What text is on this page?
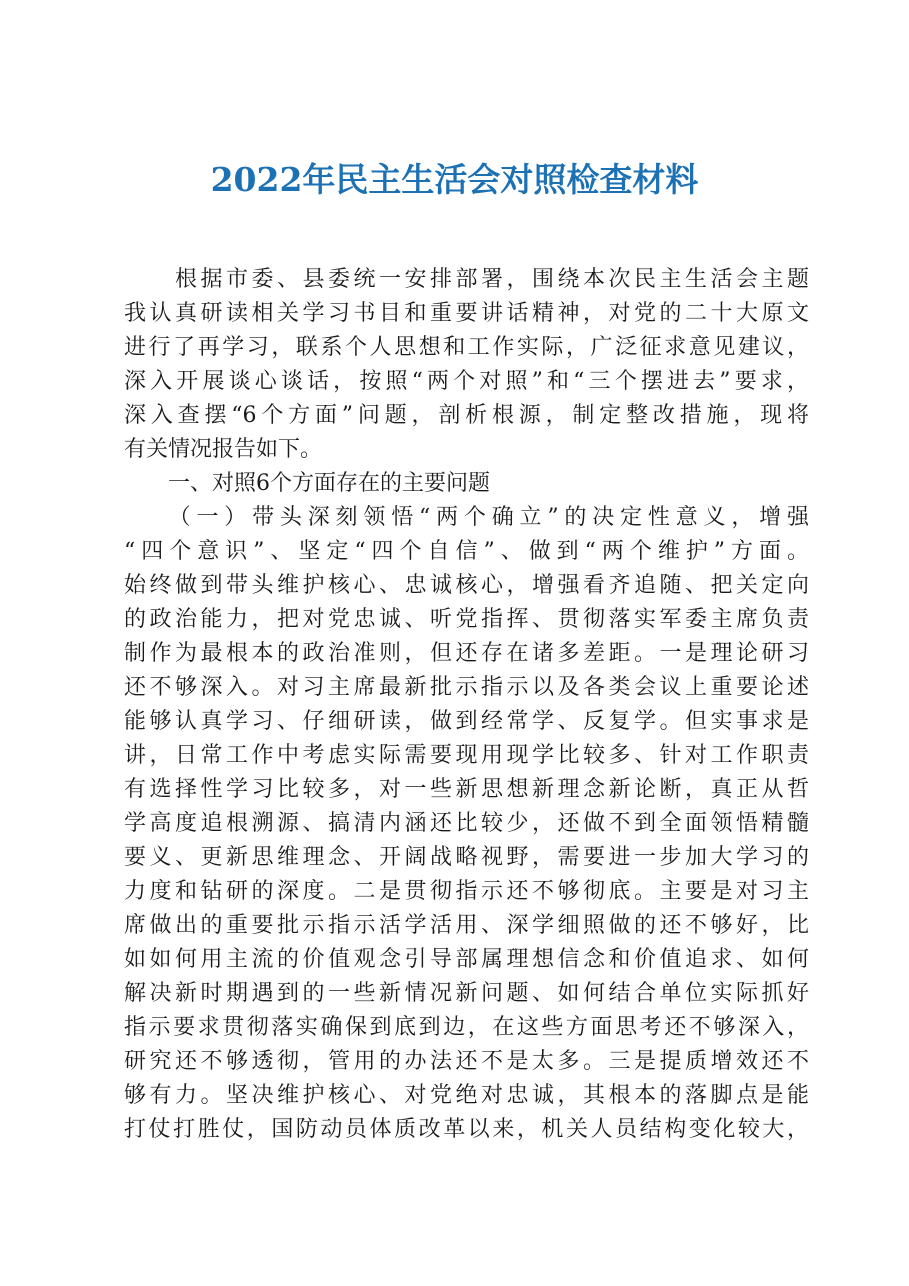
2022年民主生活会对照检查材料
　　根据市委、县委统一安排部署，围绕本次民主生活会主题
我认真研读相关学习书目和重要讲话精神，对党的二十大原文
进行了再学习，联系个人思想和工作实际，广泛征求意见建议，
深入开展谈心谈话，按照“两个对照”和“三个摆进去”要求，
深入查摆“6个方面”问题，剖析根源，制定整改措施，现将
有关情况报告如下。
　　一、对照6个方面存在的主要问题
　　（一）带头深刻领悟“两个确立”的决定性意义，增强
“四个意识”、坚定“四个自信”、做到“两个维护”方面。
始终做到带头维护核心、忠诚核心，增强看齐追随、把关定向
的政治能力，把对党忠诚、听党指挥、贯彻落实军委主席负责
制作为最根本的政治准则，但还存在诸多差距。一是理论研习
还不够深入。对习主席最新批示指示以及各类会议上重要论述
能够认真学习、仔细研读，做到经常学、反复学。但实事求是
讲，日常工作中考虑实际需要现用现学比较多、针对工作职责
有选择性学习比较多，对一些新思想新理念新论断，真正从哲
学高度追根溯源、搞清内涵还比较少，还做不到全面领悟精髓
要义、更新思维理念、开阔战略视野，需要进一步加大学习的
力度和钻研的深度。二是贯彻指示还不够彻底。主要是对习主
席做出的重要批示指示活学活用、深学细照做的还不够好，比
如如何用主流的价值观念引导部属理想信念和价值追求、如何
解决新时期遇到的一些新情况新问题、如何结合单位实际抓好
指示要求贯彻落实确保到底到边，在这些方面思考还不够深入，
研究还不够透彻，管用的办法还不是太多。三是提质增效还不
够有力。坚决维护核心、对党绝对忠诚，其根本的落脚点是能
打仗打胜仗，国防动员体质改革以来，机关人员结构变化较大，
